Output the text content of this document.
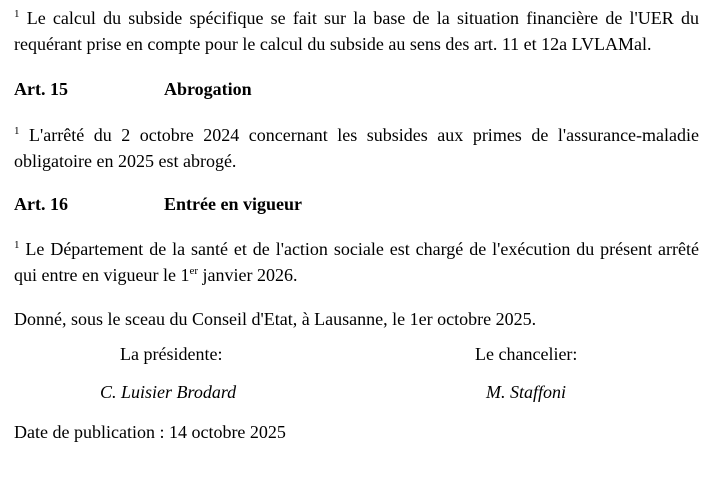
$^1$ Le calcul du subside spécifique se fait sur la base de la situation financière de l'UER du requérant prise en compte pour le calcul du subside au sens des art. 11 et 12a LVLAMal.

Art. 15	Abrogation

$^1$ L'arrêté du 2 octobre 2024 concernant les subsides aux primes de l'assurance-maladie obligatoire en 2025 est abrogé.

Art. 16	Entrée en vigueur

$^1$ Le Département de la santé et de l'action sociale est chargé de l'exécution du présent arrêté qui entre en vigueur le 1er janvier 2026.

Donné, sous le sceau du Conseil d'Etat, à Lausanne, le 1er octobre 2025.

La présidente:	Le chancelier:
C. Luisier Brodard	M. Staffoni

Date de publication : 14 octobre 2025
